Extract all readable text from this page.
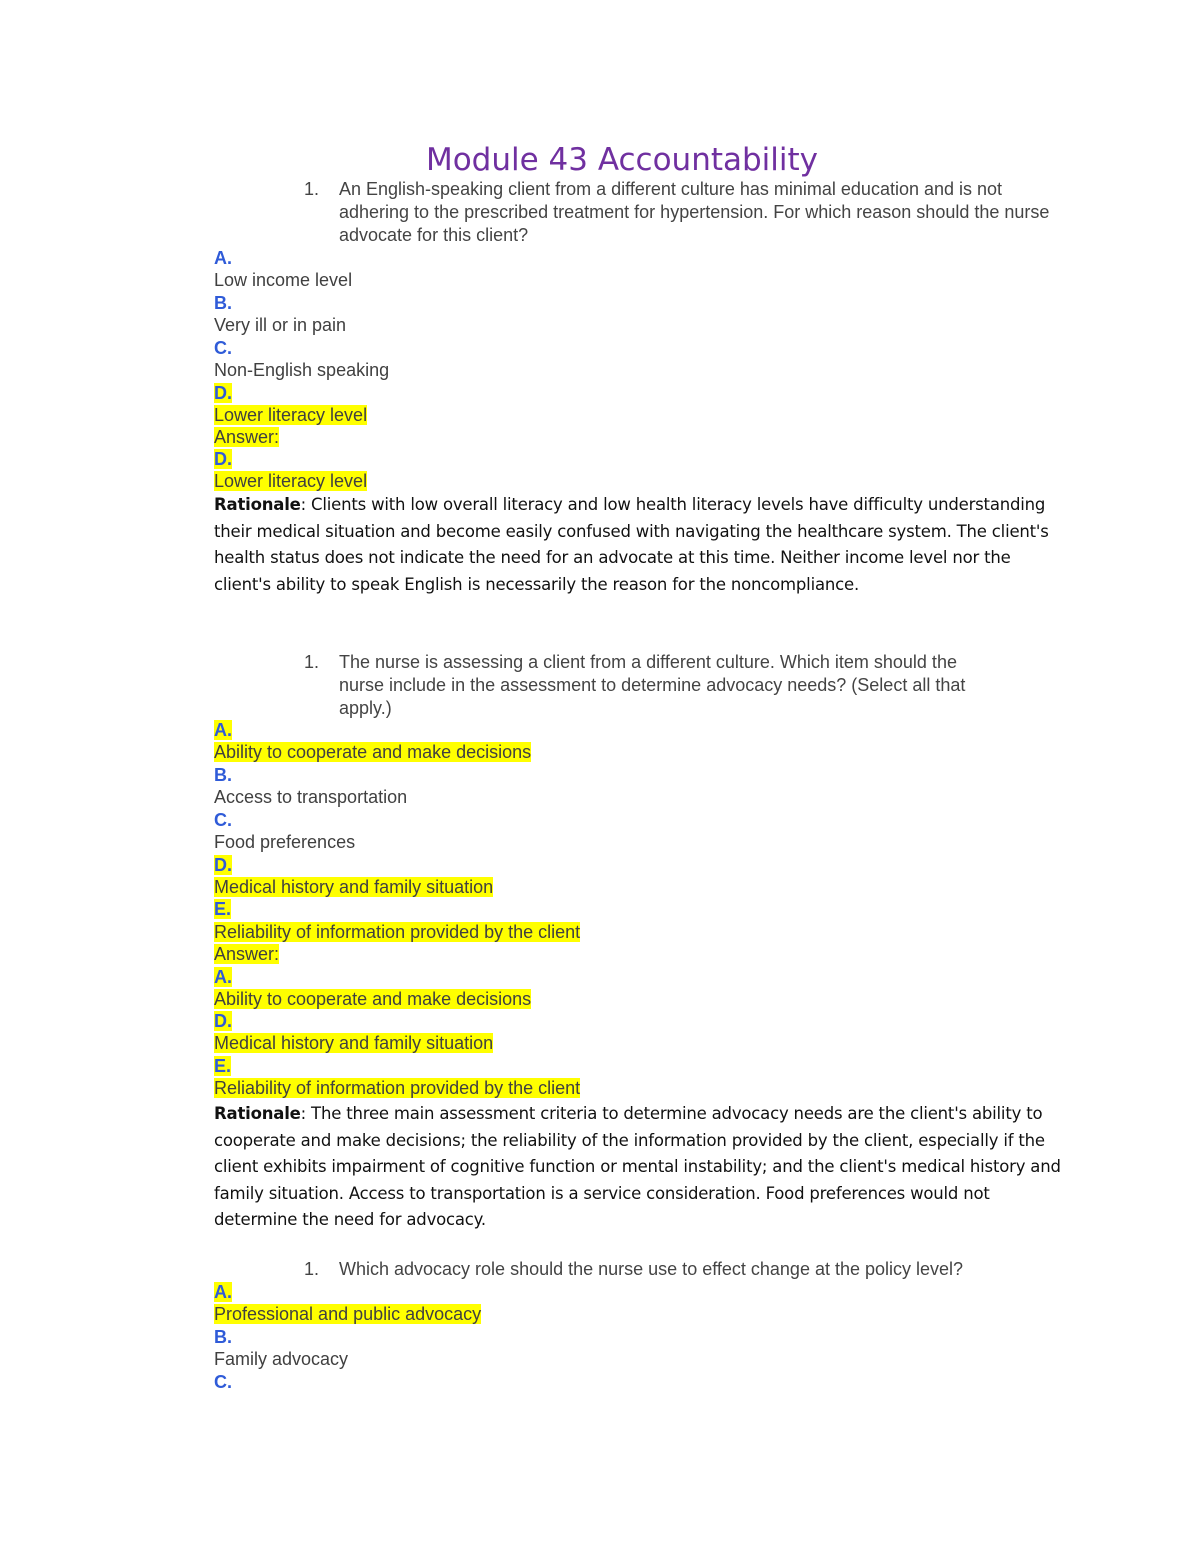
Module 43 Accountability
1. An English-speaking client from a different culture has minimal education and is not adhering to the prescribed treatment for hypertension. For which reason should the nurse advocate for this client?
A.
Low income level
B.
Very ill or in pain
C.
Non-English speaking
D.
Lower literacy level
Answer:
D.
Lower literacy level
Rationale: Clients with low overall literacy and low health literacy levels have difficulty understanding their medical situation and become easily confused with navigating the healthcare system. The client's health status does not indicate the need for an advocate at this time. Neither income level nor the client's ability to speak English is necessarily the reason for the noncompliance.
1. The nurse is assessing a client from a different culture. Which item should the nurse include in the assessment to determine advocacy needs? (Select all that apply.)
A.
Ability to cooperate and make decisions
B.
Access to transportation
C.
Food preferences
D.
Medical history and family situation
E.
Reliability of information provided by the client
Answer:
A.
Ability to cooperate and make decisions
D.
Medical history and family situation
E.
Reliability of information provided by the client
Rationale: The three main assessment criteria to determine advocacy needs are the client's ability to cooperate and make decisions; the reliability of the information provided by the client, especially if the client exhibits impairment of cognitive function or mental instability; and the client's medical history and family situation. Access to transportation is a service consideration. Food preferences would not determine the need for advocacy.
1. Which advocacy role should the nurse use to effect change at the policy level?
A.
Professional and public advocacy
B.
Family advocacy
C.
